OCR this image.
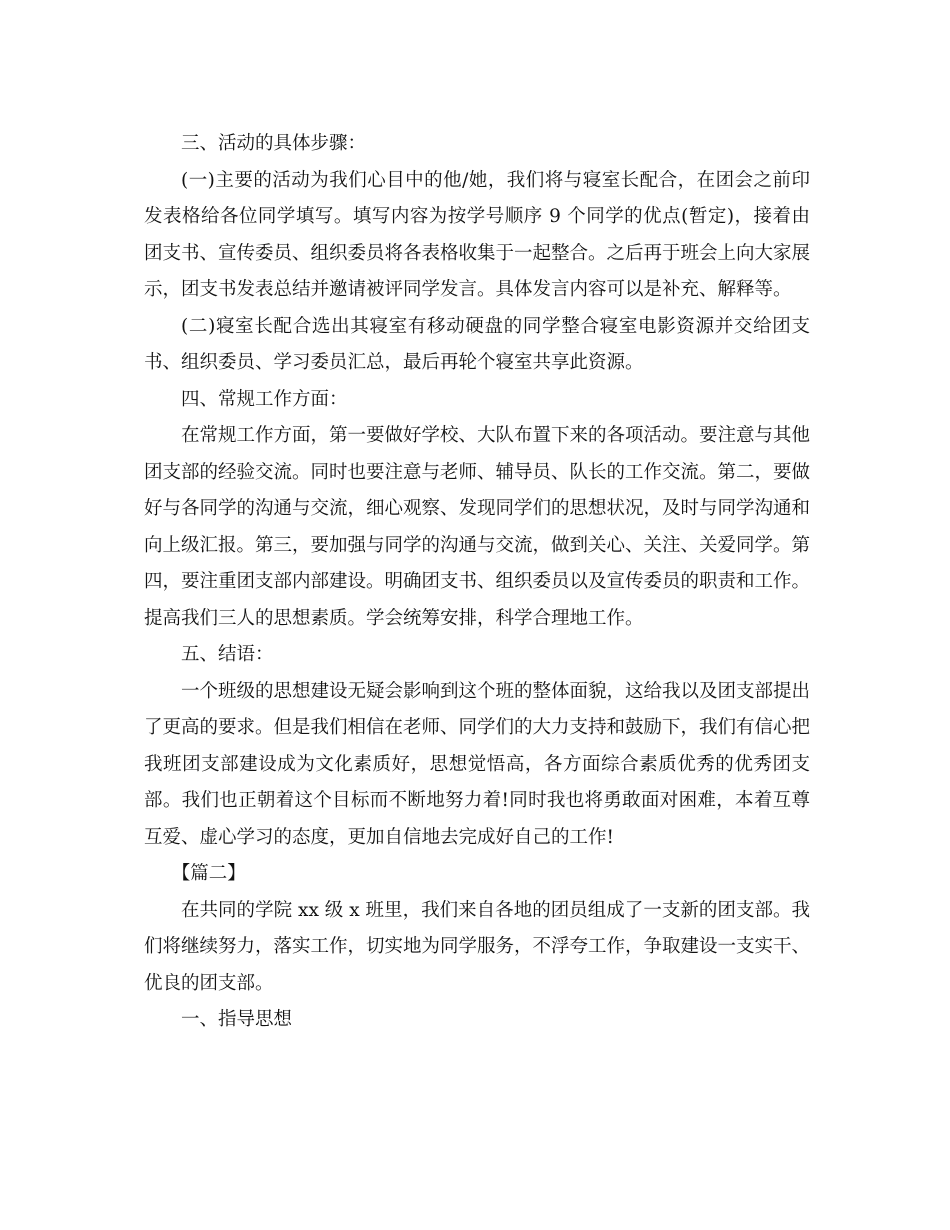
三、活动的具体步骤：

(一)主要的活动为我们心目中的他/她，我们将与寝室长配合，在团会之前印发表格给各位同学填写。填写内容为按学号顺序 9 个同学的优点(暂定)，接着由团支书、宣传委员、组织委员将各表格收集于一起整合。之后再于班会上向大家展示，团支书发表总结并邀请被评同学发言。具体发言内容可以是补充、解释等。

(二)寝室长配合选出其寝室有移动硬盘的同学整合寝室电影资源并交给团支书、组织委员、学习委员汇总，最后再轮个寝室共享此资源。

四、常规工作方面：

在常规工作方面，第一要做好学校、大队布置下来的各项活动。要注意与其他团支部的经验交流。同时也要注意与老师、辅导员、队长的工作交流。第二，要做好与各同学的沟通与交流，细心观察、发现同学们的思想状况，及时与同学沟通和向上级汇报。第三，要加强与同学的沟通与交流，做到关心、关注、关爱同学。第四，要注重团支部内部建设。明确团支书、组织委员以及宣传委员的职责和工作。提高我们三人的思想素质。学会统筹安排，科学合理地工作。

五、结语：

一个班级的思想建设无疑会影响到这个班的整体面貌，这给我以及团支部提出了更高的要求。但是我们相信在老师、同学们的大力支持和鼓励下，我们有信心把我班团支部建设成为文化素质好，思想觉悟高，各方面综合素质优秀的优秀团支部。我们也正朝着这个目标而不断地努力着!同时我也将勇敢面对困难，本着互尊互爱、虚心学习的态度，更加自信地去完成好自己的工作!

【篇二】

在共同的学院 xx 级 x 班里，我们来自各地的团员组成了一支新的团支部。我们将继续努力，落实工作，切实地为同学服务，不浮夸工作，争取建设一支实干、优良的团支部。

一、指导思想
